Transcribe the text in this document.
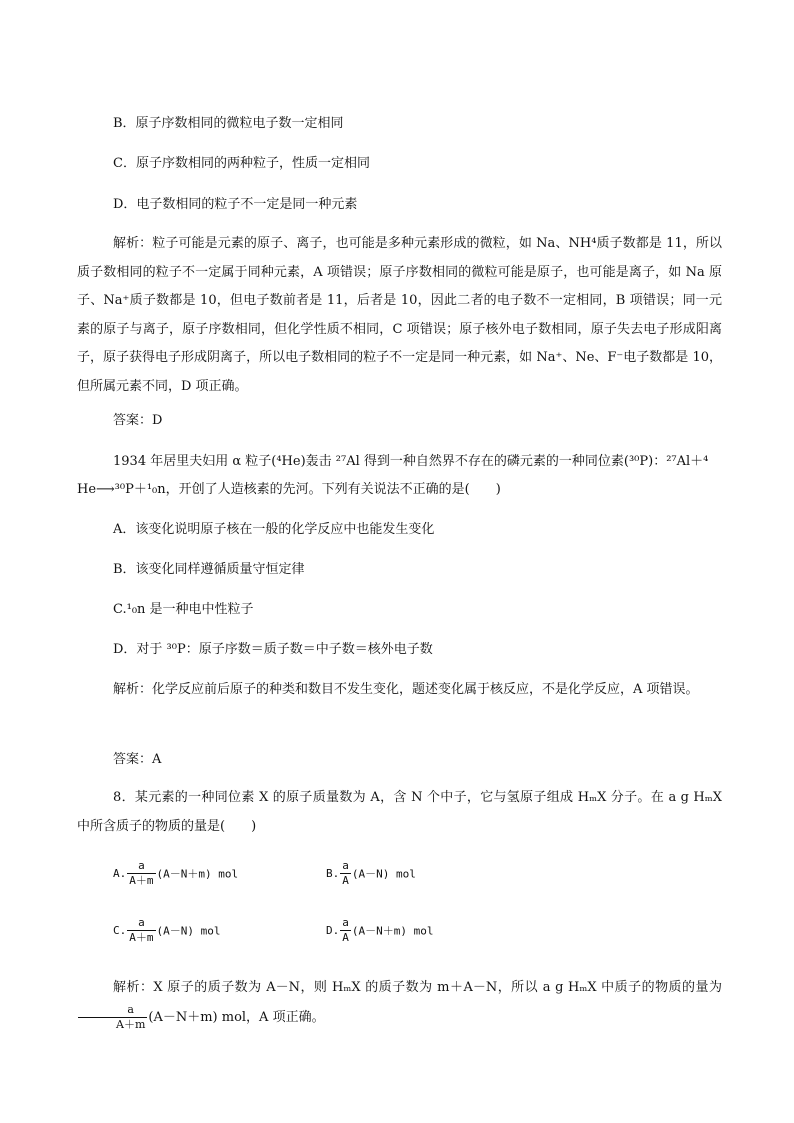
B．原子序数相同的微粒电子数一定相同
C．原子序数相同的两种粒子，性质一定相同
D．电子数相同的粒子不一定是同一种元素

解析：粒子可能是元素的原子、离子，也可能是多种元素形成的微粒，如 Na、NH⁴质子数都是 11，所以质子数相同的粒子不一定属于同种元素，A 项错误；原子序数相同的微粒可能是原子，也可能是离子，如 Na 原子、Na⁺质子数都是 10，但电子数前者是 11，后者是 10，因此二者的电子数不一定相同，B 项错误；同一元素的原子与离子，原子序数相同，但化学性质不相同，C 项错误；原子核外电子数相同，原子失去电子形成阳离子，原子获得电子形成阴离子，所以电子数相同的粒子不一定是同一种元素，如 Na⁺、Ne、F⁻电子数都是 10，但所属元素不同，D 项正确。

答案：D
1934 年居里夫妇用 α 粒子(⁴He)轰击 ²⁷Al 得到一种自然界不存在的磷元素的一种同位素(³⁰P)：²⁷Al＋⁴
He⟶³⁰P＋¹₀n，开创了人造核素的先河。下列有关说法不正确的是(　　)
A．该变化说明原子核在一般的化学反应中也能发生变化
B．该变化同样遵循质量守恒定律
C.¹₀n 是一种电中性粒子
D．对于 ³⁰P：原子序数＝质子数＝中子数＝核外电子数

解析：化学反应前后原子的种类和数目不发生变化，题述变化属于核反应，不是化学反应，A 项错误。

答案：A

8．某元素的一种同位素 X 的原子质量数为 A，含 N 个中子，它与氢原子组成 HₘX 分子。在 a g HₘX 中所含质子的物质的量是(　　)

A. $\frac{a}{A+m} (A-N+m)$ mol	B. $\frac{a}{A} (A-N)$ mol
C. $\frac{a}{A+m} (A-N)$ mol	D. $\frac{a}{A} (A-N+m)$ mol

解析：X 原子的质子数为 A－N，则 HₘX 的质子数为 m＋A－N，所以 a g HₘX 中质子的物质的量为
$\frac{a}{A+m} (A-N+m)$ mol，A 项正确。
